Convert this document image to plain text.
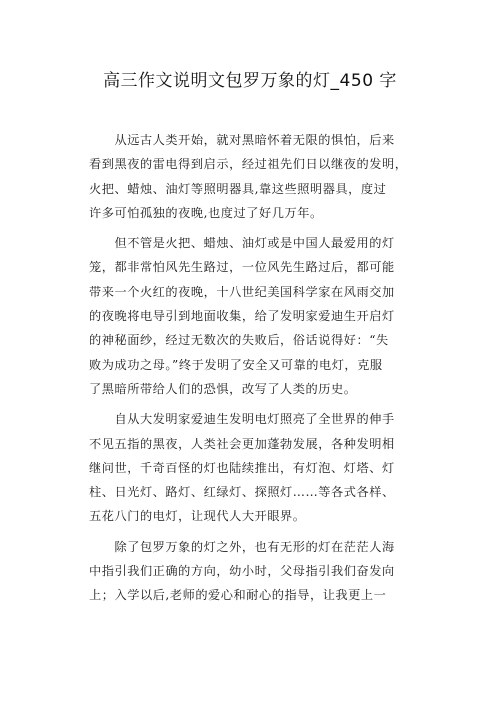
高三作文说明文包罗万象的灯_450 字
　　从远古人类开始，就对黑暗怀着无限的惧怕，后来
看到黑夜的雷电得到启示，经过祖先们日以继夜的发明，
火把、蜡烛、油灯等照明器具,靠这些照明器具，度过
许多可怕孤独的夜晚,也度过了好几万年。
　　但不管是火把、蜡烛、油灯或是中国人最爱用的灯
笼，都非常怕风先生路过，一位风先生路过后，都可能
带来一个火红的夜晚，十八世纪美国科学家在风雨交加
的夜晚将电导引到地面收集，给了发明家爱迪生开启灯
的神秘面纱，经过无数次的失败后，俗话说得好：“失
败为成功之母。”终于发明了安全又可靠的电灯，克服
了黑暗所带给人们的恐惧，改写了人类的历史。
　　自从大发明家爱迪生发明电灯照亮了全世界的伸手
不见五指的黑夜，人类社会更加蓬勃发展，各种发明相
继问世，千奇百怪的灯也陆续推出，有灯泡、灯塔、灯
柱、日光灯、路灯、红绿灯、探照灯……等各式各样、
五花八门的电灯，让现代人大开眼界。
　　除了包罗万象的灯之外，也有无形的灯在茫茫人海
中指引我们正确的方向，幼小时，父母指引我们奋发向
上；入学以后,老师的爱心和耐心的指导，让我更上一
